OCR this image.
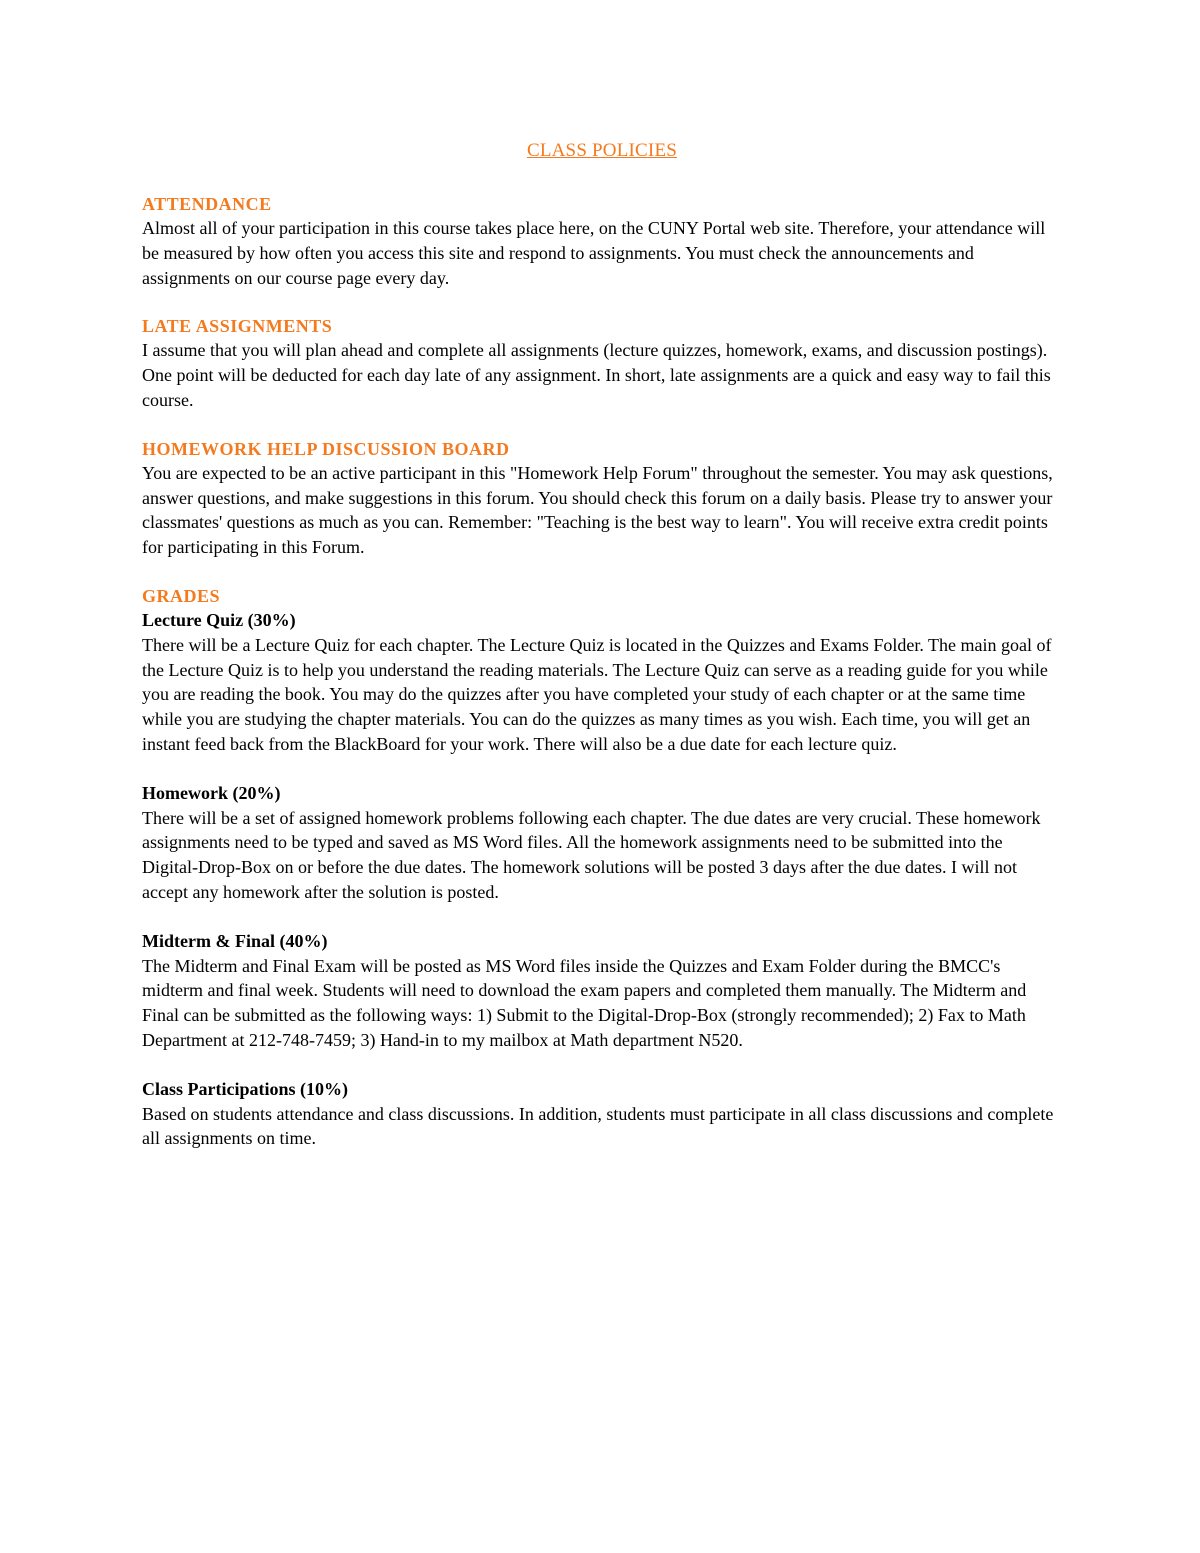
CLASS POLICIES

ATTENDANCE

Almost all of your participation in this course takes place here, on the CUNY Portal web site. Therefore, your attendance will be measured by how often you access this site and respond to assignments. You must check the announcements and assignments on our course page every day.

LATE ASSIGNMENTS

I assume that you will plan ahead and complete all assignments (lecture quizzes, homework, exams, and discussion postings). One point will be deducted for each day late of any assignment. In short, late assignments are a quick and easy way to fail this course.

HOMEWORK HELP DISCUSSION BOARD

You are expected to be an active participant in this "Homework Help Forum" throughout the semester. You may ask questions, answer questions, and make suggestions in this forum. You should check this forum on a daily basis. Please try to answer your classmates' questions as much as you can. Remember: "Teaching is the best way to learn". You will receive extra credit points for participating in this Forum.

GRADES

Lecture Quiz (30%)

There will be a Lecture Quiz for each chapter. The Lecture Quiz is located in the Quizzes and Exams Folder. The main goal of the Lecture Quiz is to help you understand the reading materials. The Lecture Quiz can serve as a reading guide for you while you are reading the book. You may do the quizzes after you have completed your study of each chapter or at the same time while you are studying the chapter materials. You can do the quizzes as many times as you wish. Each time, you will get an instant feed back from the BlackBoard for your work. There will also be a due date for each lecture quiz.

Homework (20%)

There will be a set of assigned homework problems following each chapter. The due dates are very crucial. These homework assignments need to be typed and saved as MS Word files. All the homework assignments need to be submitted into the Digital-Drop-Box on or before the due dates. The homework solutions will be posted 3 days after the due dates. I will not accept any homework after the solution is posted.

Midterm & Final (40%)

The Midterm and Final Exam will be posted as MS Word files inside the Quizzes and Exam Folder during the BMCC's midterm and final week. Students will need to download the exam papers and completed them manually. The Midterm and Final can be submitted as the following ways: 1) Submit to the Digital-Drop-Box (strongly recommended); 2) Fax to Math Department at 212-748-7459; 3) Hand-in to my mailbox at Math department N520.

Class Participations (10%)

Based on students attendance and class discussions. In addition, students must participate in all class discussions and complete all assignments on time.
